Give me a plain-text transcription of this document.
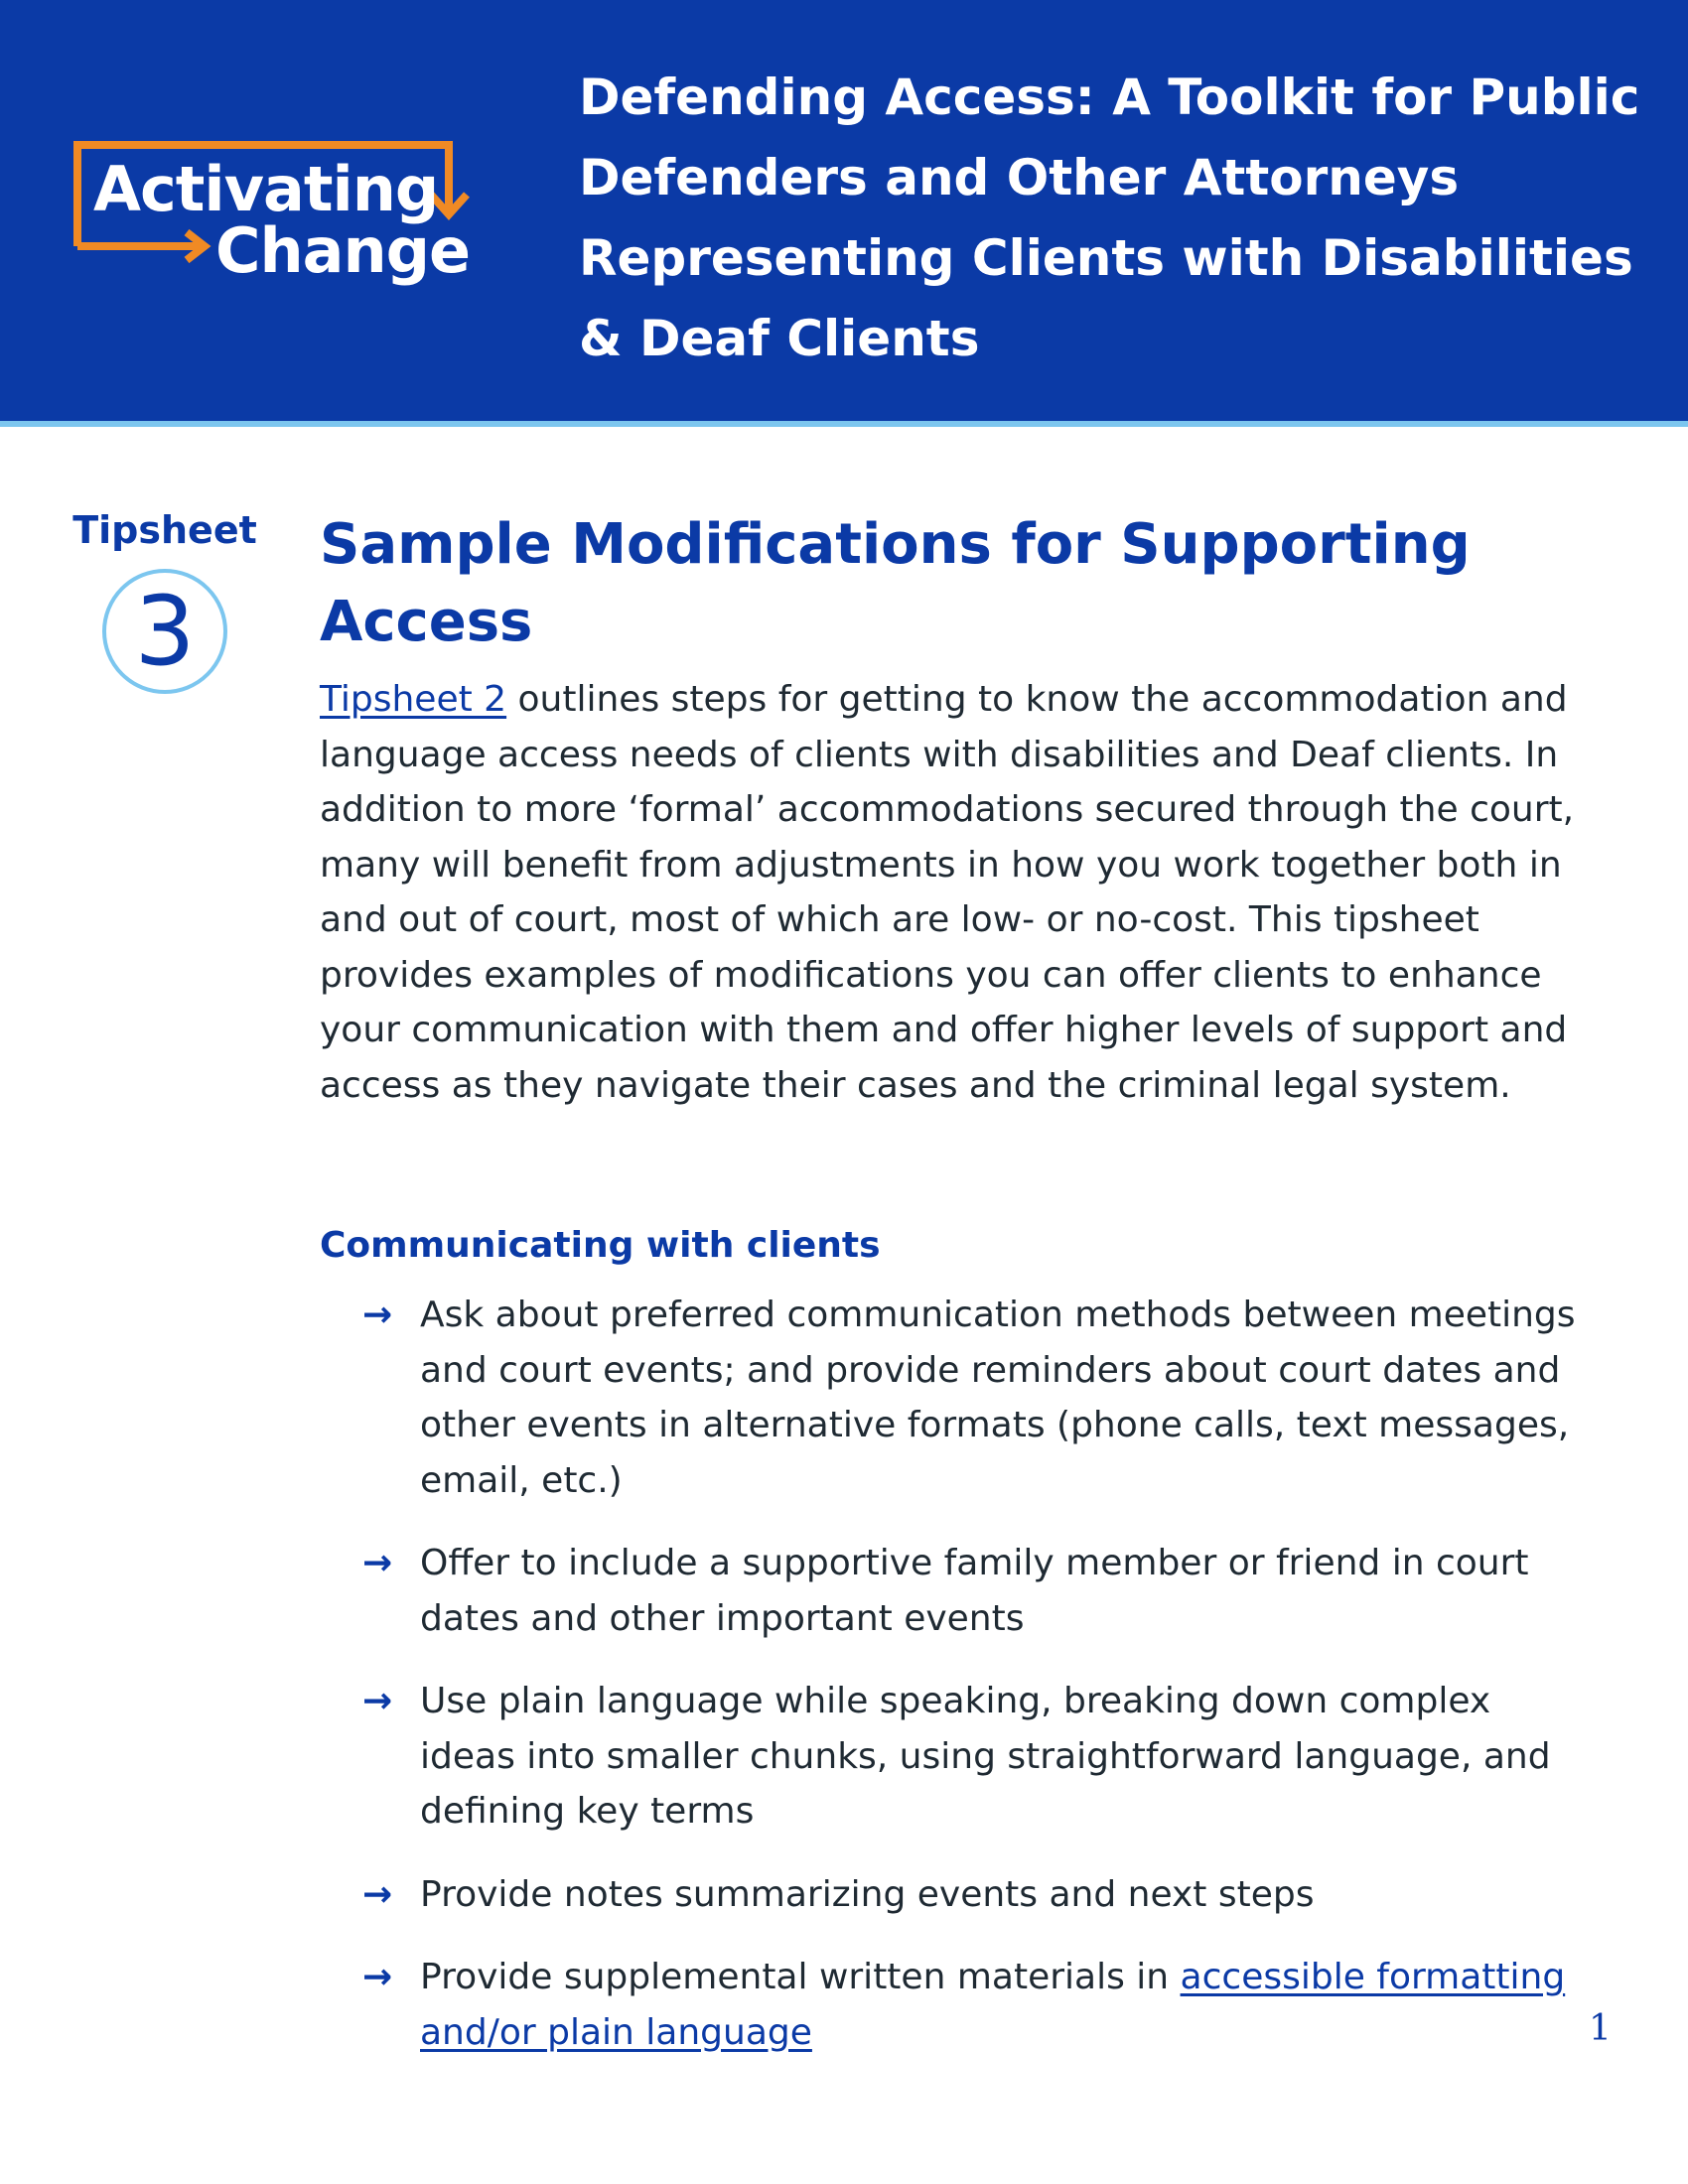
Activating
Change
Defending Access: A Toolkit for Public Defenders and Other Attorneys Representing Clients with Disabilities & Deaf Clients
Tipsheet
3
Sample Modifications for Supporting Access

Tipsheet 2 outlines steps for getting to know the accommodation and language access needs of clients with disabilities and Deaf clients. In addition to more ‘formal’ accommodations secured through the court, many will benefit from adjustments in how you work together both in and out of court, most of which are low- or no-cost. This tipsheet provides examples of modifications you can offer clients to enhance your communication with them and offer higher levels of support and access as they navigate their cases and the criminal legal system.

Communicating with clients
→ Ask about preferred communication methods between meetings and court events; and provide reminders about court dates and other events in alternative formats (phone calls, text messages, email, etc.)
→ Offer to include a supportive family member or friend in court dates and other important events
→ Use plain language while speaking, breaking down complex ideas into smaller chunks, using straightforward language, and defining key terms
→ Provide notes summarizing events and next steps
→ Provide supplemental written materials in accessible formatting and/or plain language	1
